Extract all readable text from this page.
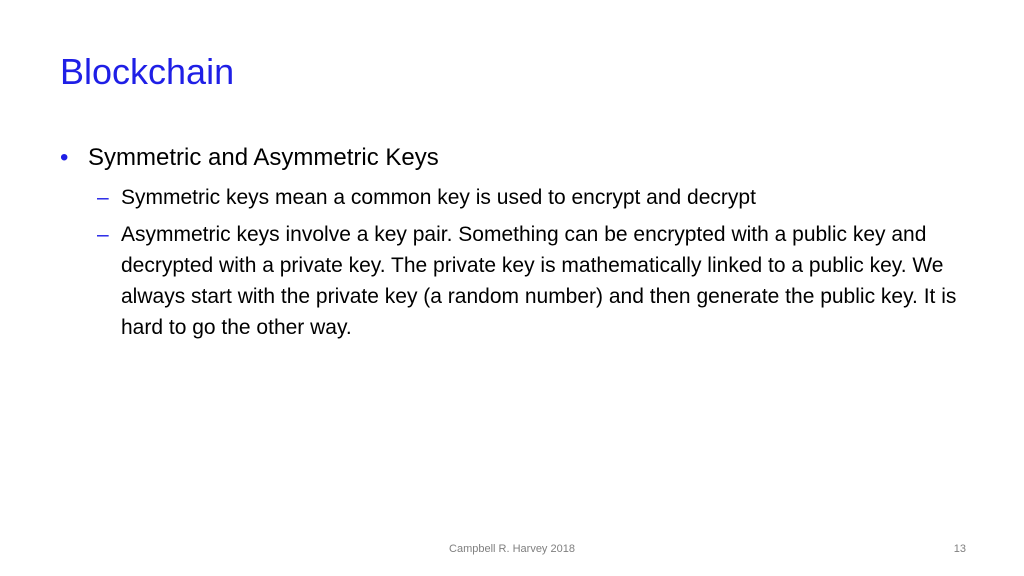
Blockchain
• Symmetric and Asymmetric Keys
– Symmetric keys mean a common key is used to encrypt and decrypt
– Asymmetric keys involve a key pair. Something can be encrypted with a public key and decrypted with a private key. The private key is mathematically linked to a public key. We always start with the private key (a random number) and then generate the public key. It is hard to go the other way.
Campbell R. Harvey 2018	13
